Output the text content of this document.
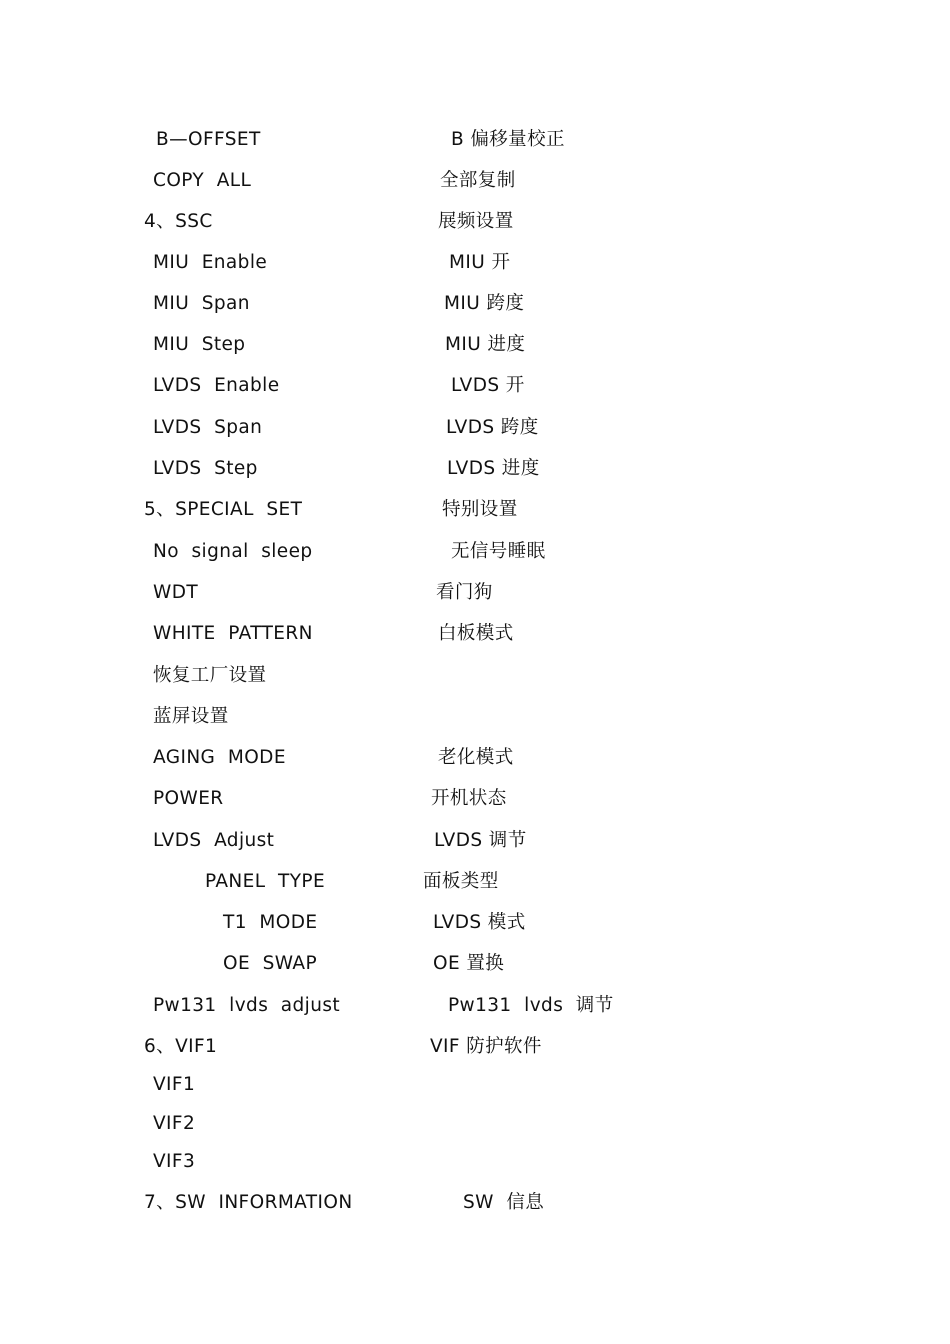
B—OFFSET	B 偏移量校正
COPY  ALL	全部复制
4、SSC	展频设置
MIU  Enable	MIU 开
MIU  Span	MIU 跨度
MIU  Step	MIU 进度
LVDS  Enable	LVDS 开
LVDS  Span	LVDS 跨度
LVDS  Step	LVDS 进度
5、SPECIAL  SET	特别设置
No  signal  sleep	无信号睡眠
WDT	看门狗
WHITE  PATTERN	白板模式
恢复工厂设置
蓝屏设置
AGING  MODE	老化模式
POWER	开机状态
LVDS  Adjust	LVDS 调节
PANEL  TYPE	面板类型
T1  MODE	LVDS 模式
OE  SWAP	OE 置换
Pw131  lvds  adjust	Pw131  lvds  调节
6、VIF1	VIF 防护软件
VIF1
VIF2
VIF3
7、SW  INFORMATION	SW  信息
